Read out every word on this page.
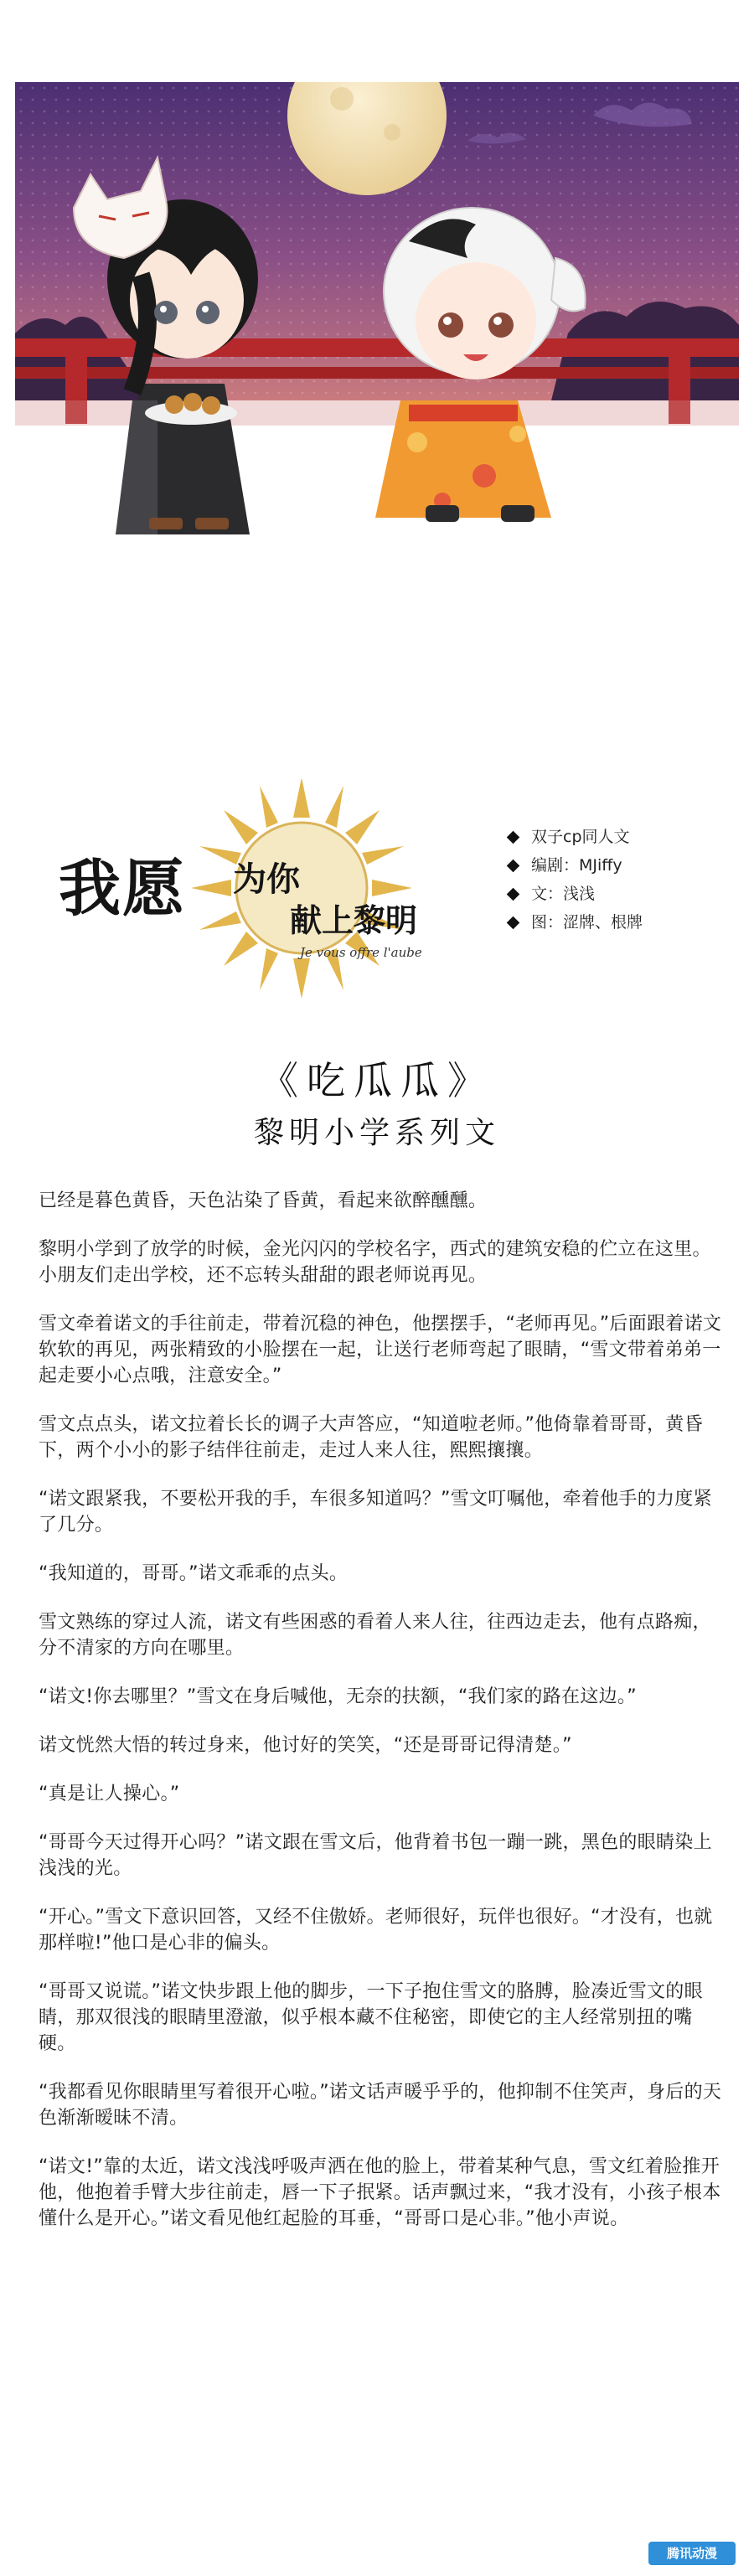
我愿 为你
献上黎明
Je vous offre l'aube
双子cp同人文
编剧：MJiffy
文：浅浅
图：涩牌、根牌
《吃瓜瓜》
黎明小学系列文

已经是暮色黄昏，天色沾染了昏黄，看起来欲醉醺醺。

黎明小学到了放学的时候，金光闪闪的学校名字，西式的建筑安稳的伫立在这里。小朋友们走出学校，还不忘转头甜甜的跟老师说再见。

雪文牵着诺文的手往前走，带着沉稳的神色，他摆摆手，“老师再见。”后面跟着诺文软软的再见，两张精致的小脸摆在一起，让送行老师弯起了眼睛，“雪文带着弟弟一起走要小心点哦，注意安全。”

雪文点点头，诺文拉着长长的调子大声答应，“知道啦老师。”他倚靠着哥哥，黄昏下，两个小小的影子结伴往前走，走过人来人往，熙熙攘攘。

“诺文跟紧我，不要松开我的手，车很多知道吗？”雪文叮嘱他，牵着他手的力度紧了几分。

“我知道的，哥哥。”诺文乖乖的点头。

雪文熟练的穿过人流，诺文有些困惑的看着人来人往，往西边走去，他有点路痴，分不清家的方向在哪里。

“诺文!你去哪里？”雪文在身后喊他，无奈的扶额，“我们家的路在这边。”

诺文恍然大悟的转过身来，他讨好的笑笑，“还是哥哥记得清楚。”

“真是让人操心。”

“哥哥今天过得开心吗？”诺文跟在雪文后，他背着书包一蹦一跳，黑色的眼睛染上浅浅的光。

“开心。”雪文下意识回答，又经不住傲娇。老师很好，玩伴也很好。“才没有，也就那样啦!”他口是心非的偏头。

“哥哥又说谎。”诺文快步跟上他的脚步，一下子抱住雪文的胳膊，脸凑近雪文的眼睛，那双很浅的眼睛里澄澈，似乎根本藏不住秘密，即使它的主人经常别扭的嘴硬。

“我都看见你眼睛里写着很开心啦。”诺文话声暖乎乎的，他抑制不住笑声，身后的天色渐渐暧昧不清。

“诺文!”靠的太近，诺文浅浅呼吸声洒在他的脸上，带着某种气息，雪文红着脸推开他，他抱着手臂大步往前走，唇一下子抿紧。话声飘过来，“我才没有，小孩子根本懂什么是开心。”诺文看见他红起脸的耳垂，“哥哥口是心非。”他小声说。

腾讯动漫
